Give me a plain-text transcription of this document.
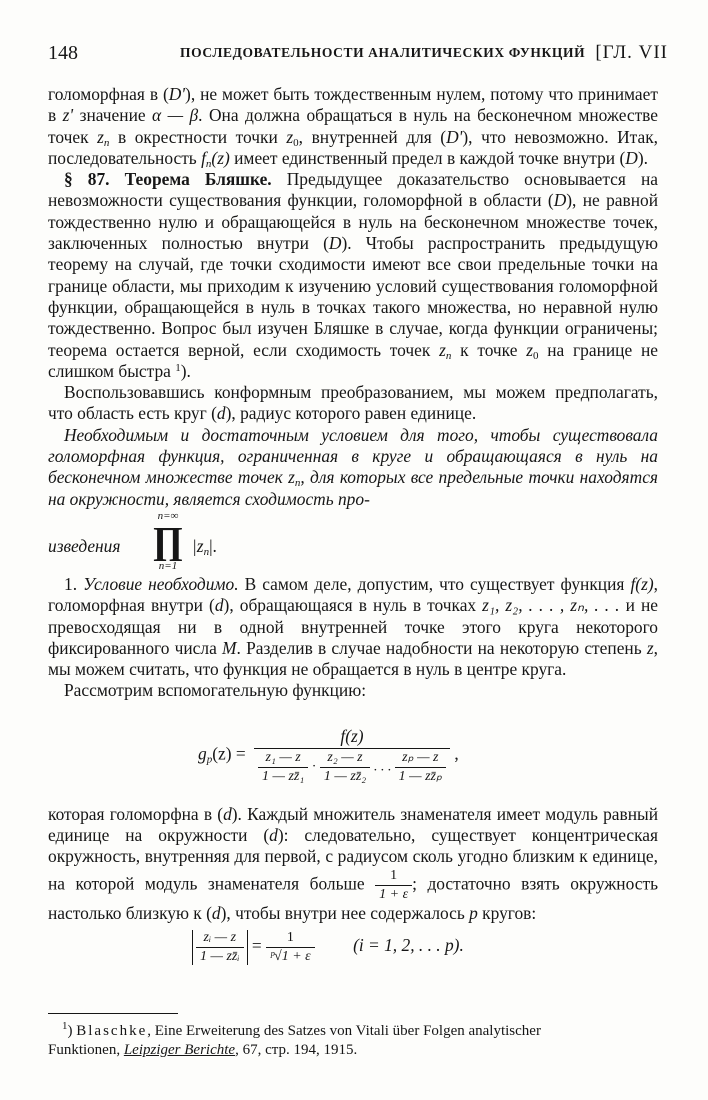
148	ПОСЛЕДОВАТЕЛЬНОСТИ АНАЛИТИЧЕСКИХ ФУНКЦИЙ [ГЛ. VII

голоморфная в (D'), не может быть тождественным нулем, потому что принимает в z' значение α — β. Она должна обращаться в нуль на бесконечном множестве точек $z_n$ в окрестности точки $z_0$, внутренней для (D'), что невозможно. Итак, последовательность $f_n(z)$ имеет единственный предел в каждой точке внутри (D).

§ 87. Теорема Бляшке. Предыдущее доказательство основывается на невозможности существования функции, голоморфной в области (D), не равной тождественно нулю и обращающейся в нуль на бесконечном множестве точек, заключенных полностью внутри (D). Чтобы распространить предыдущую теорему на случай, где точки сходимости имеют все свои предельные точки на границе области, мы приходим к изучению условий существования голоморфной функции, обращающейся в нуль в точках такого множества, но неравной нулю тождественно. Вопрос был изучен Бляшке в случае, когда функции ограничены; теорема остается верной, если сходимость точек $z_n$ к точке $z_0$ на границе не слишком быстра $^1$).

Воспользовавшись конформным преобразованием, мы можем предполагать, что область есть круг (d), радиус которого равен единице.

Необходимым и достаточным условием для того, чтобы существовала голоморфная функция, ограниченная в круге и обращающаяся в нуль на бесконечном множестве точек $z_n$, для которых все предельные точки находятся на окружности, является сходимость про-

изведения
n=∞
∏
n=1
$|z_n|$.

1. Условие необходимо. В самом деле, допустим, что существует функция f(z), голоморфная внутри (d), обращающаяся в нуль в точках z₁, z₂, . . . , zₙ, . . . и не превосходящая ни в одной внутренней точке этого круга некоторого фиксированного числа M. Разделив в случае надобности на некоторую степень z, мы можем считать, что функция не обращается в нуль в центре круга.

Рассмотрим вспомогательную функцию:

$g_p(z)$ =
f(z)
$\frac{\text{z₁ — z}}{\text{1 — zz̄₁}} \cdot \frac{\text{z₂ — z}}{\text{1 — zz̄₂}}$ . . . $\frac{\text{zₚ — z}}{\text{1 — zz̄ₚ}}$ ,

которая голоморфна в (d). Каждый множитель знаменателя имеет модуль равный единице на окружности (d): следовательно, существует концентрическая окружность, внутренняя для первой, с радиусом сколь угодно близким к единице, на которой модуль знаменателя больше $\frac{1}{1 + \varepsilon}$ ; достаточно взять окружность настолько близкую к (d), чтобы внутри нее содержалось p кругов:

$\frac{\text{zᵢ — z}}{\text{1 — zz̄ᵢ}} = \frac{1}{\text{ᵖ√1 + ε}} (i = 1$, 2, . . . p).
$^1$) Blaschke, Eine Erweiterung des Satzes von Vitali über Folgen analytischer
Funktionen, Leipziger Berichte, 67, стр. 194, 1915.
